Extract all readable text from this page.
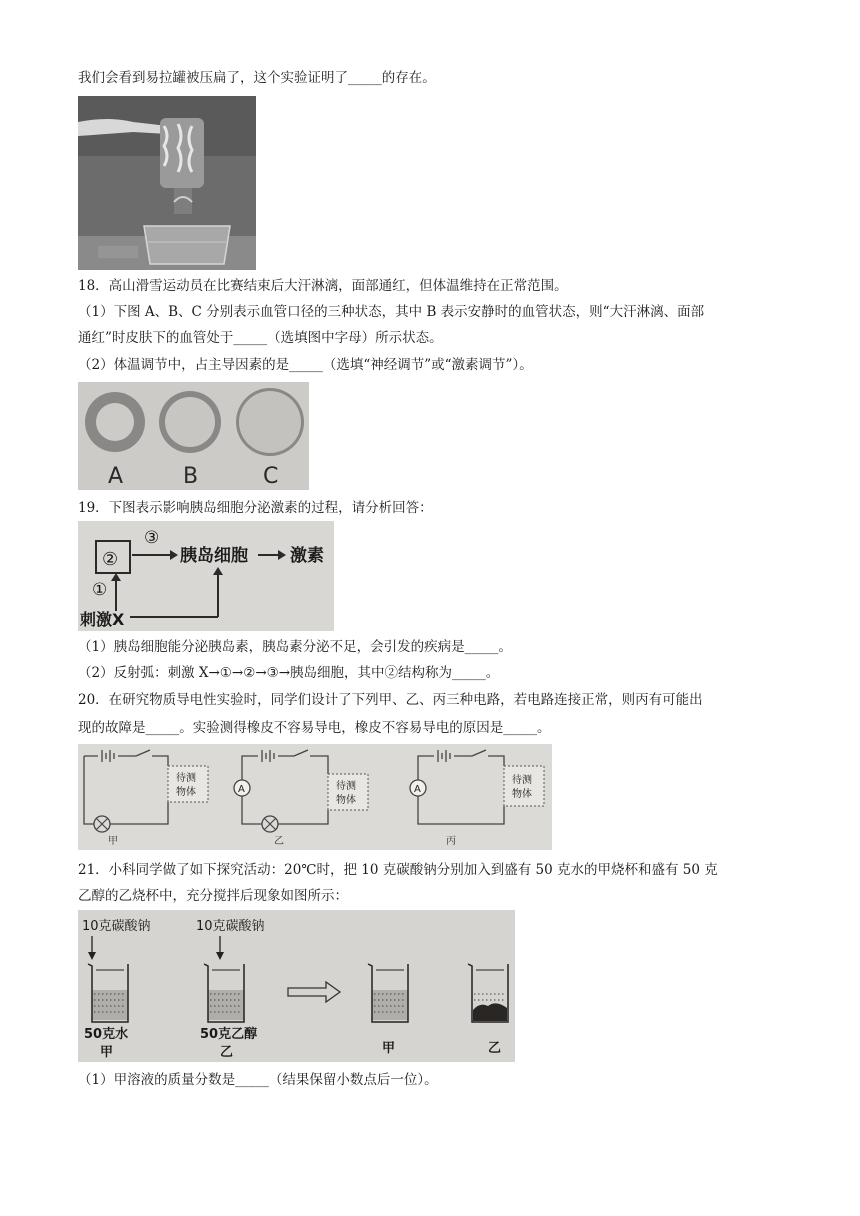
我们会看到易拉罐被压扁了，这个实验证明了_____的存在。
18．高山滑雪运动员在比赛结束后大汗淋漓，面部通红，但体温维持在正常范围。
（1）下图 A、B、C 分别表示血管口径的三种状态，其中 B 表示安静时的血管状态，则“大汗淋漓、面部
通红”时皮肤下的血管处于_____（选填图中字母）所示状态。
（2）体温调节中，占主导因素的是_____（选填“神经调节”或“激素调节”）。
A	B	C
19．下图表示影响胰岛细胞分泌激素的过程，请分析回答：
②
③
胰岛细胞 激素
①
刺激X
（1）胰岛细胞能分泌胰岛素，胰岛素分泌不足，会引发的疾病是_____。
（2）反射弧：刺激 X→①→②→③→胰岛细胞，其中②结构称为_____。
20．在研究物质导电性实验时，同学们设计了下列甲、乙、丙三种电路，若电路连接正常，则丙有可能出
现的故障是_____。实验测得橡皮不容易导电，橡皮不容易导电的原因是_____。
待测
物体
甲
A	待测
物体
乙
A
待测
物体
丙
21．小科同学做了如下探究活动：20℃时，把 10 克碳酸钠分别加入到盛有 50 克水的甲烧杯和盛有 50 克
乙醇的乙烧杯中，充分搅拌后现象如图所示：
10克碳酸钠	10克碳酸钠
50克水
甲
50克乙醇
乙	甲	乙
（1）甲溶液的质量分数是_____（结果保留小数点后一位）。
